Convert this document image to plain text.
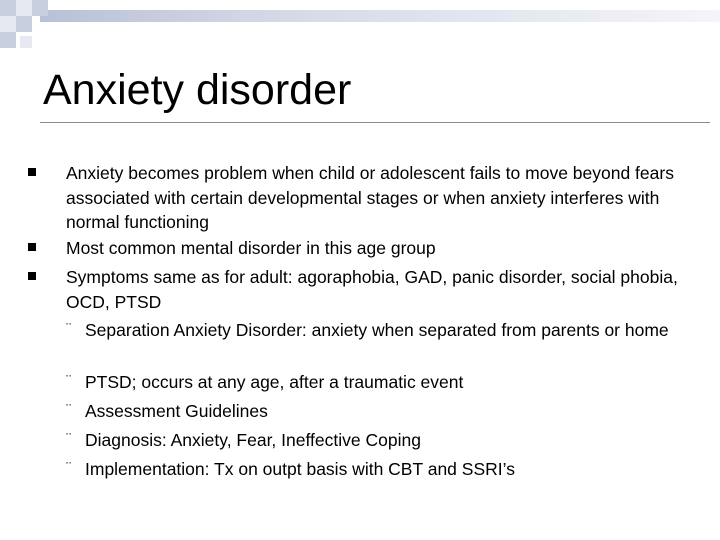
Anxiety disorder
Anxiety becomes problem when child or adolescent fails to move beyond fears associated with certain developmental stages or when anxiety interferes with normal functioning
Most common mental disorder in this age group
Symptoms same as for adult: agoraphobia, GAD, panic disorder, social phobia, OCD, PTSD
¨ Separation Anxiety Disorder: anxiety when separated from parents or home
¨ PTSD; occurs at any age, after a traumatic event
¨ Assessment Guidelines
¨ Diagnosis: Anxiety, Fear, Ineffective Coping
¨ Implementation: Tx on outpt basis with CBT and SSRI’s
